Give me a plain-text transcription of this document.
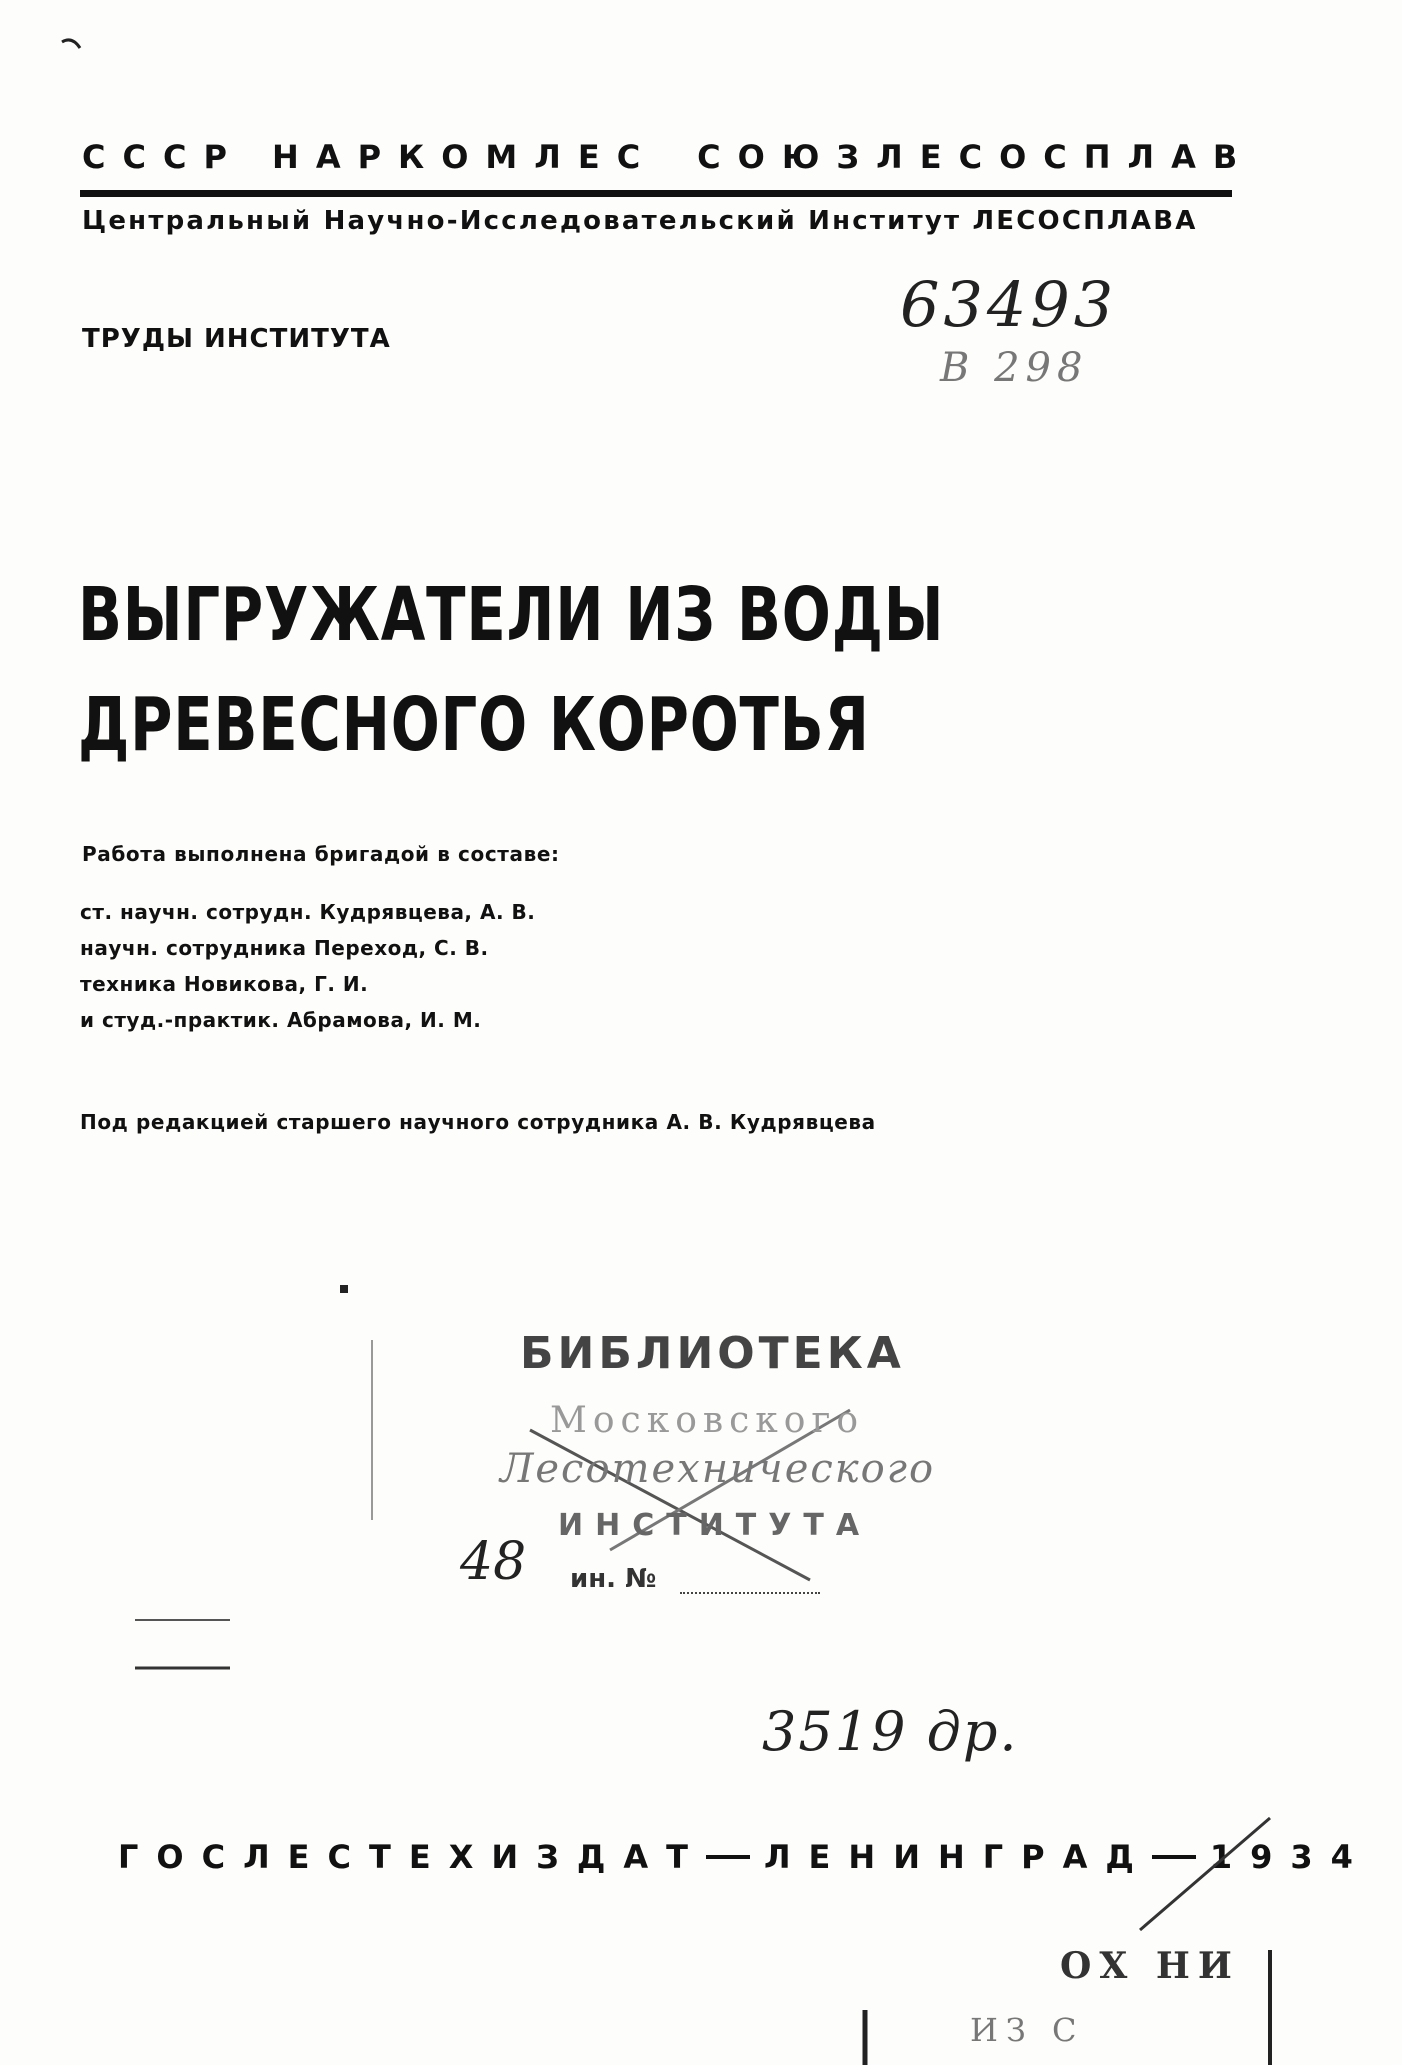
СССР НАРКОМЛЕС СОЮЗЛЕСОСПЛАВ
Центральный Научно-Исследовательский Институт ЛЕСОСПЛАВА
ТРУДЫ ИНСТИТУТА	63493
В 298
ВЫГРУЖАТЕЛИ ИЗ ВОДЫ
ДРЕВЕСНОГО КОРОТЬЯ
Работа выполнена бригадой в составе:
ст. научн. сотрудн. Кудрявцева, А. В.
научн. сотрудника Переход, С. В.
техника Новикова, Г. И.
и студ.-практик. Абрамова, И. М.
Под редакцией старшего научного сотрудника А. В. Кудрявцева
БИБЛИОТЕКА
Московского
Лесотехнического
ИНСТИТУТА
ин. №
48
3519 др.
ГОСЛЕСТЕХИЗДАТ ЛЕНИНГРАД 1934
ОХ НИ
ИЗ С
